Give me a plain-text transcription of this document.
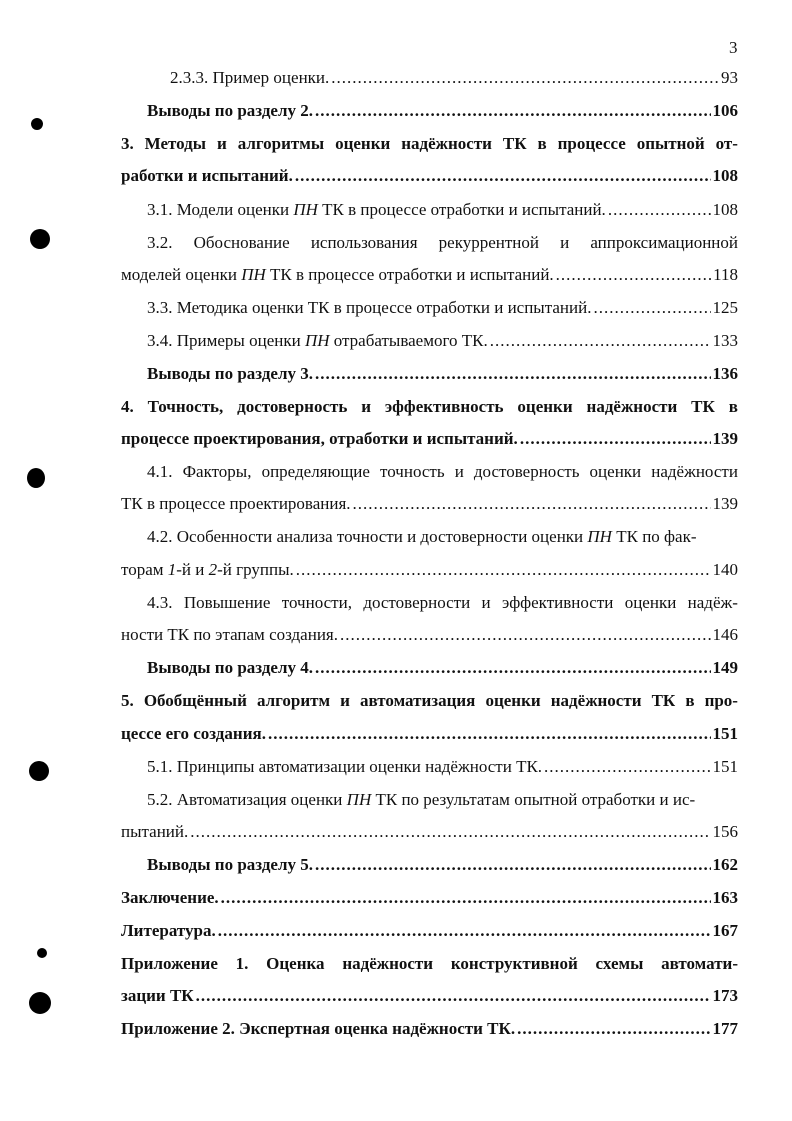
3
2.3.3. Пример оценки. .....	93
Выводы по разделу 2. .....	106
3. Методы и алгоритмы оценки надёжности ТК в процессе опытной от-
работки и испытаний. .....	108
3.1. Модели оценки ПН ТК в процессе отработки и испытаний. .....	108
3.2. Обоснование использования рекуррентной и аппроксимационной
моделей оценки ПН ТК в процессе отработки и испытаний. .....	118
3.3. Методика оценки ТК в процессе отработки и испытаний. .....	125
3.4. Примеры оценки ПН отрабатываемого ТК. .....	133
Выводы по разделу 3. .....	136
4. Точность, достоверность и эффективность оценки надёжности ТК в
процессе проектирования, отработки и испытаний. .....	139
4.1. Факторы, определяющие точность и достоверность оценки надёжности
ТК в процессе проектирования. .....	139
4.2. Особенности анализа точности и достоверности оценки ПН ТК по фак-
торам 1-й и 2-й группы. .....	140
4.3. Повышение точности, достоверности и эффективности оценки надёж-
ности ТК по этапам создания. .....	146
Выводы по разделу 4. .....	149
5. Обобщённый алгоритм и автоматизация оценки надёжности ТК в про-
цессе его создания. .....	151
5.1. Принципы автоматизации оценки надёжности ТК. .....	151
5.2. Автоматизация оценки ПН ТК по результатам опытной отработки и ис-
пытаний. .....	156
Выводы по разделу 5. .....	162
Заключение. .....	163
Литература. .....	167
Приложение 1. Оценка надёжности конструктивной схемы автомати-
зации ТК .....	173
Приложение 2. Экспертная оценка надёжности ТК. .....	177
